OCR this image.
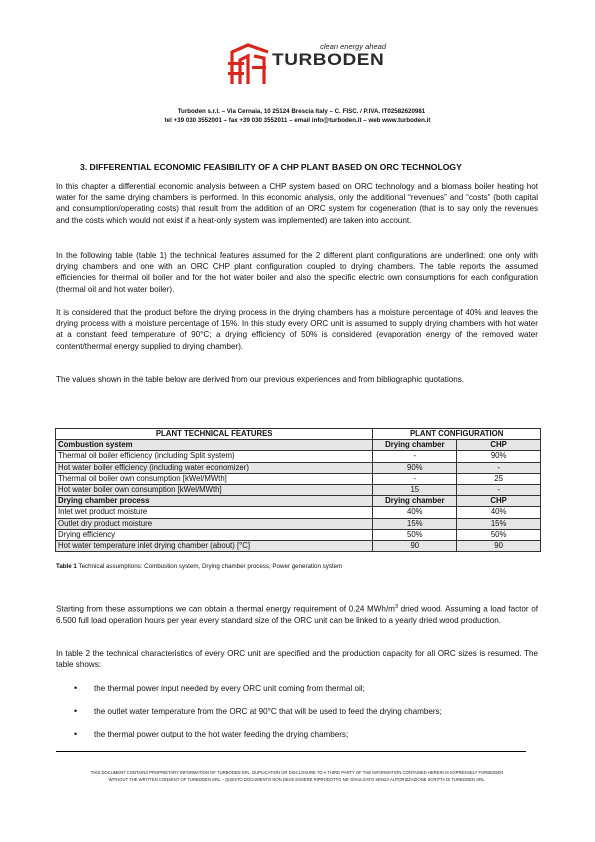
clean energy ahead
TURBODEN
Turboden s.r.l. – Via Cernaia, 10 25124 Brescia Italy – C. FISC. / P.IVA. IT02582620981
tel +39 030 3552001 – fax +39 030 3552011 – email info@turboden.it – web www.turboden.it
3. DIFFERENTIAL ECONOMIC FEASIBILITY OF A CHP PLANT BASED ON ORC TECHNOLOGY

In this chapter a differential economic analysis between a CHP system based on ORC technology and a biomass boiler heating hot water for the same drying chambers is performed. In this economic analysis, only the additional “revenues” and “costs” (both capital and consumption/operating costs) that result from the addition of an ORC system for cogeneration (that is to say only the revenues and the costs which would not exist if a heat-only system was implemented) are taken into account.

In the following table (table 1) the technical features assumed for the 2 different plant configurations are underlined: one only with drying chambers and one with an ORC CHP plant configuration coupled to drying chambers. The table reports the assumed efficiencies for thermal oil boiler and for the hot water boiler and also the specific electric own consumptions for each configuration (thermal oil and hot water boiler).

It is considered that the product before the drying process in the drying chambers has a moisture percentage of 40% and leaves the drying process with a moisture percentage of 15%. In this study every ORC unit is assumed to supply drying chambers with hot water at a constant feed temperature of 90°C; a drying efficiency of 50% is considered (evaporation energy of the removed water content/thermal energy supplied to drying chamber).

The values shown in the table below are derived from our previous experiences and from bibliographic quotations.

PLANT TECHNICAL FEATURES	PLANT CONFIGURATION	
Combustion system	Drying chamber	CHP
Thermal oil boiler efficiency (including Split system)	-	90%
Hot water boiler efficiency (including water economizer)	90%	-
Thermal oil boiler own consumption [kWel/MWth]	-	25
Hot water boiler own consumption [kWel/MWth]	15	-
Drying chamber process	Drying chamber	CHP
Inlet wet product moisture	40%	40%
Outlet dry product moisture	15%	15%
Drying efficiency	50%	50%
Hot water temperature inlet drying chamber (about) [°C]	90	90
Table 1 Technical assumptions: Combustion system, Drying chamber process, Power generation system

Starting from these assumptions we can obtain a thermal energy requirement of 0.24 MWh/$m^3$ dried wood. Assuming a load factor of 6.500 full load operation hours per year every standard size of the ORC unit can be linked to a yearly dried wood production.

In table 2 the technical characteristics of every ORC unit are specified and the production capacity for all ORC sizes is resumed. The table shows:

• the thermal power input needed by every ORC unit coming from thermal oil;
• the outlet water temperature from the ORC at 90°C that will be used to feed the drying chambers;
• the thermal power output to the hot water feeding the drying chambers;
THIS DOCUMENT CONTAINS PROPRIETARY INFORMATION OF TURBODEN SRL. DUPLICATION OR DISCLOSURE TO A THIRD PARTY OF THE INFORMATION CONTAINED HEREIN IS EXPRESSELY FORBIDDEN
WITHOUT THE WRITTEN CONSENT OF TURBODEN SRL. - QUESTO DOCUMENTO NON DEVE ESSERE RIPRODOTTO NE' DIVULGATO SENZA AUTORIZZAZIONE SCRITTA DI TURBODEN SRL.
